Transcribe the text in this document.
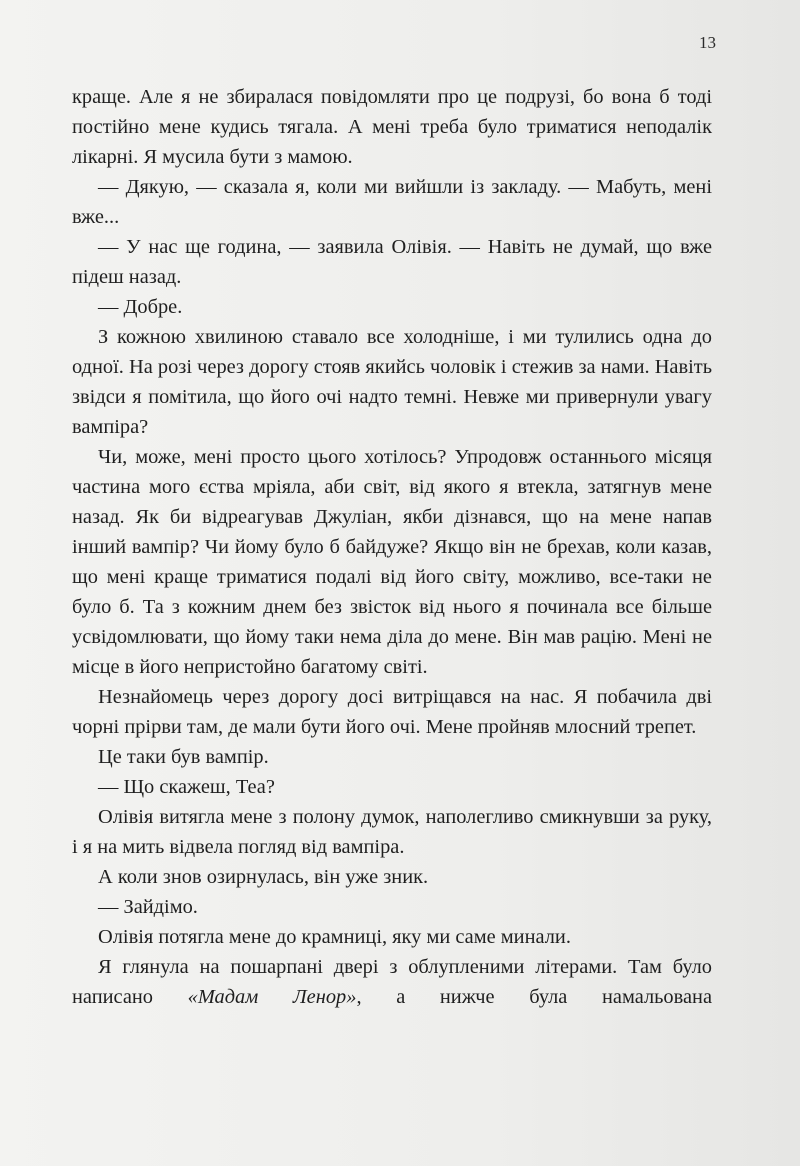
13

краще. Але я не збиралася повідомляти про це подрузі, бо вона б тоді постійно мене кудись тягала. А мені треба було триматися неподалік лікарні. Я мусила бути з мамою.

— Дякую, — сказала я, коли ми вийшли із закладу. — Мабуть, мені вже...

— У нас ще година, — заявила Олівія. — Навіть не думай, що вже підеш назад.

— Добре.

З кожною хвилиною ставало все холодніше, і ми тулились одна до одної. На розі через дорогу стояв якийсь чоловік і стежив за нами. Навіть звідси я помітила, що його очі надто темні. Невже ми привернули увагу вампіра?

Чи, може, мені просто цього хотілось? Упродовж останнього місяця частина мого єства мріяла, аби світ, від якого я втекла, затягнув мене назад. Як би відреагував Джуліан, якби дізнався, що на мене напав інший вампір? Чи йому було б байдуже? Якщо він не брехав, коли казав, що мені краще триматися подалі від його світу, можливо, все-таки не було б. Та з кожним днем без звісток від нього я починала все більше усвідомлювати, що йому таки нема діла до мене. Він мав рацію. Мені не місце в його непристойно багатому світі.

Незнайомець через дорогу досі витріщався на нас. Я побачила дві чорні прірви там, де мали бути його очі. Мене пройняв млосний трепет.

Це таки був вампір.

— Що скажеш, Теа?

Олівія витягла мене з полону думок, наполегливо смикнувши за руку, і я на мить відвела погляд від вампіра.

А коли знов озирнулась, він уже зник.

— Зайдімо.

Олівія потягла мене до крамниці, яку ми саме минали.

Я глянула на пошарпані двері з облупленими літерами. Там було написано «Мадам Ленор», а нижче була намальована
